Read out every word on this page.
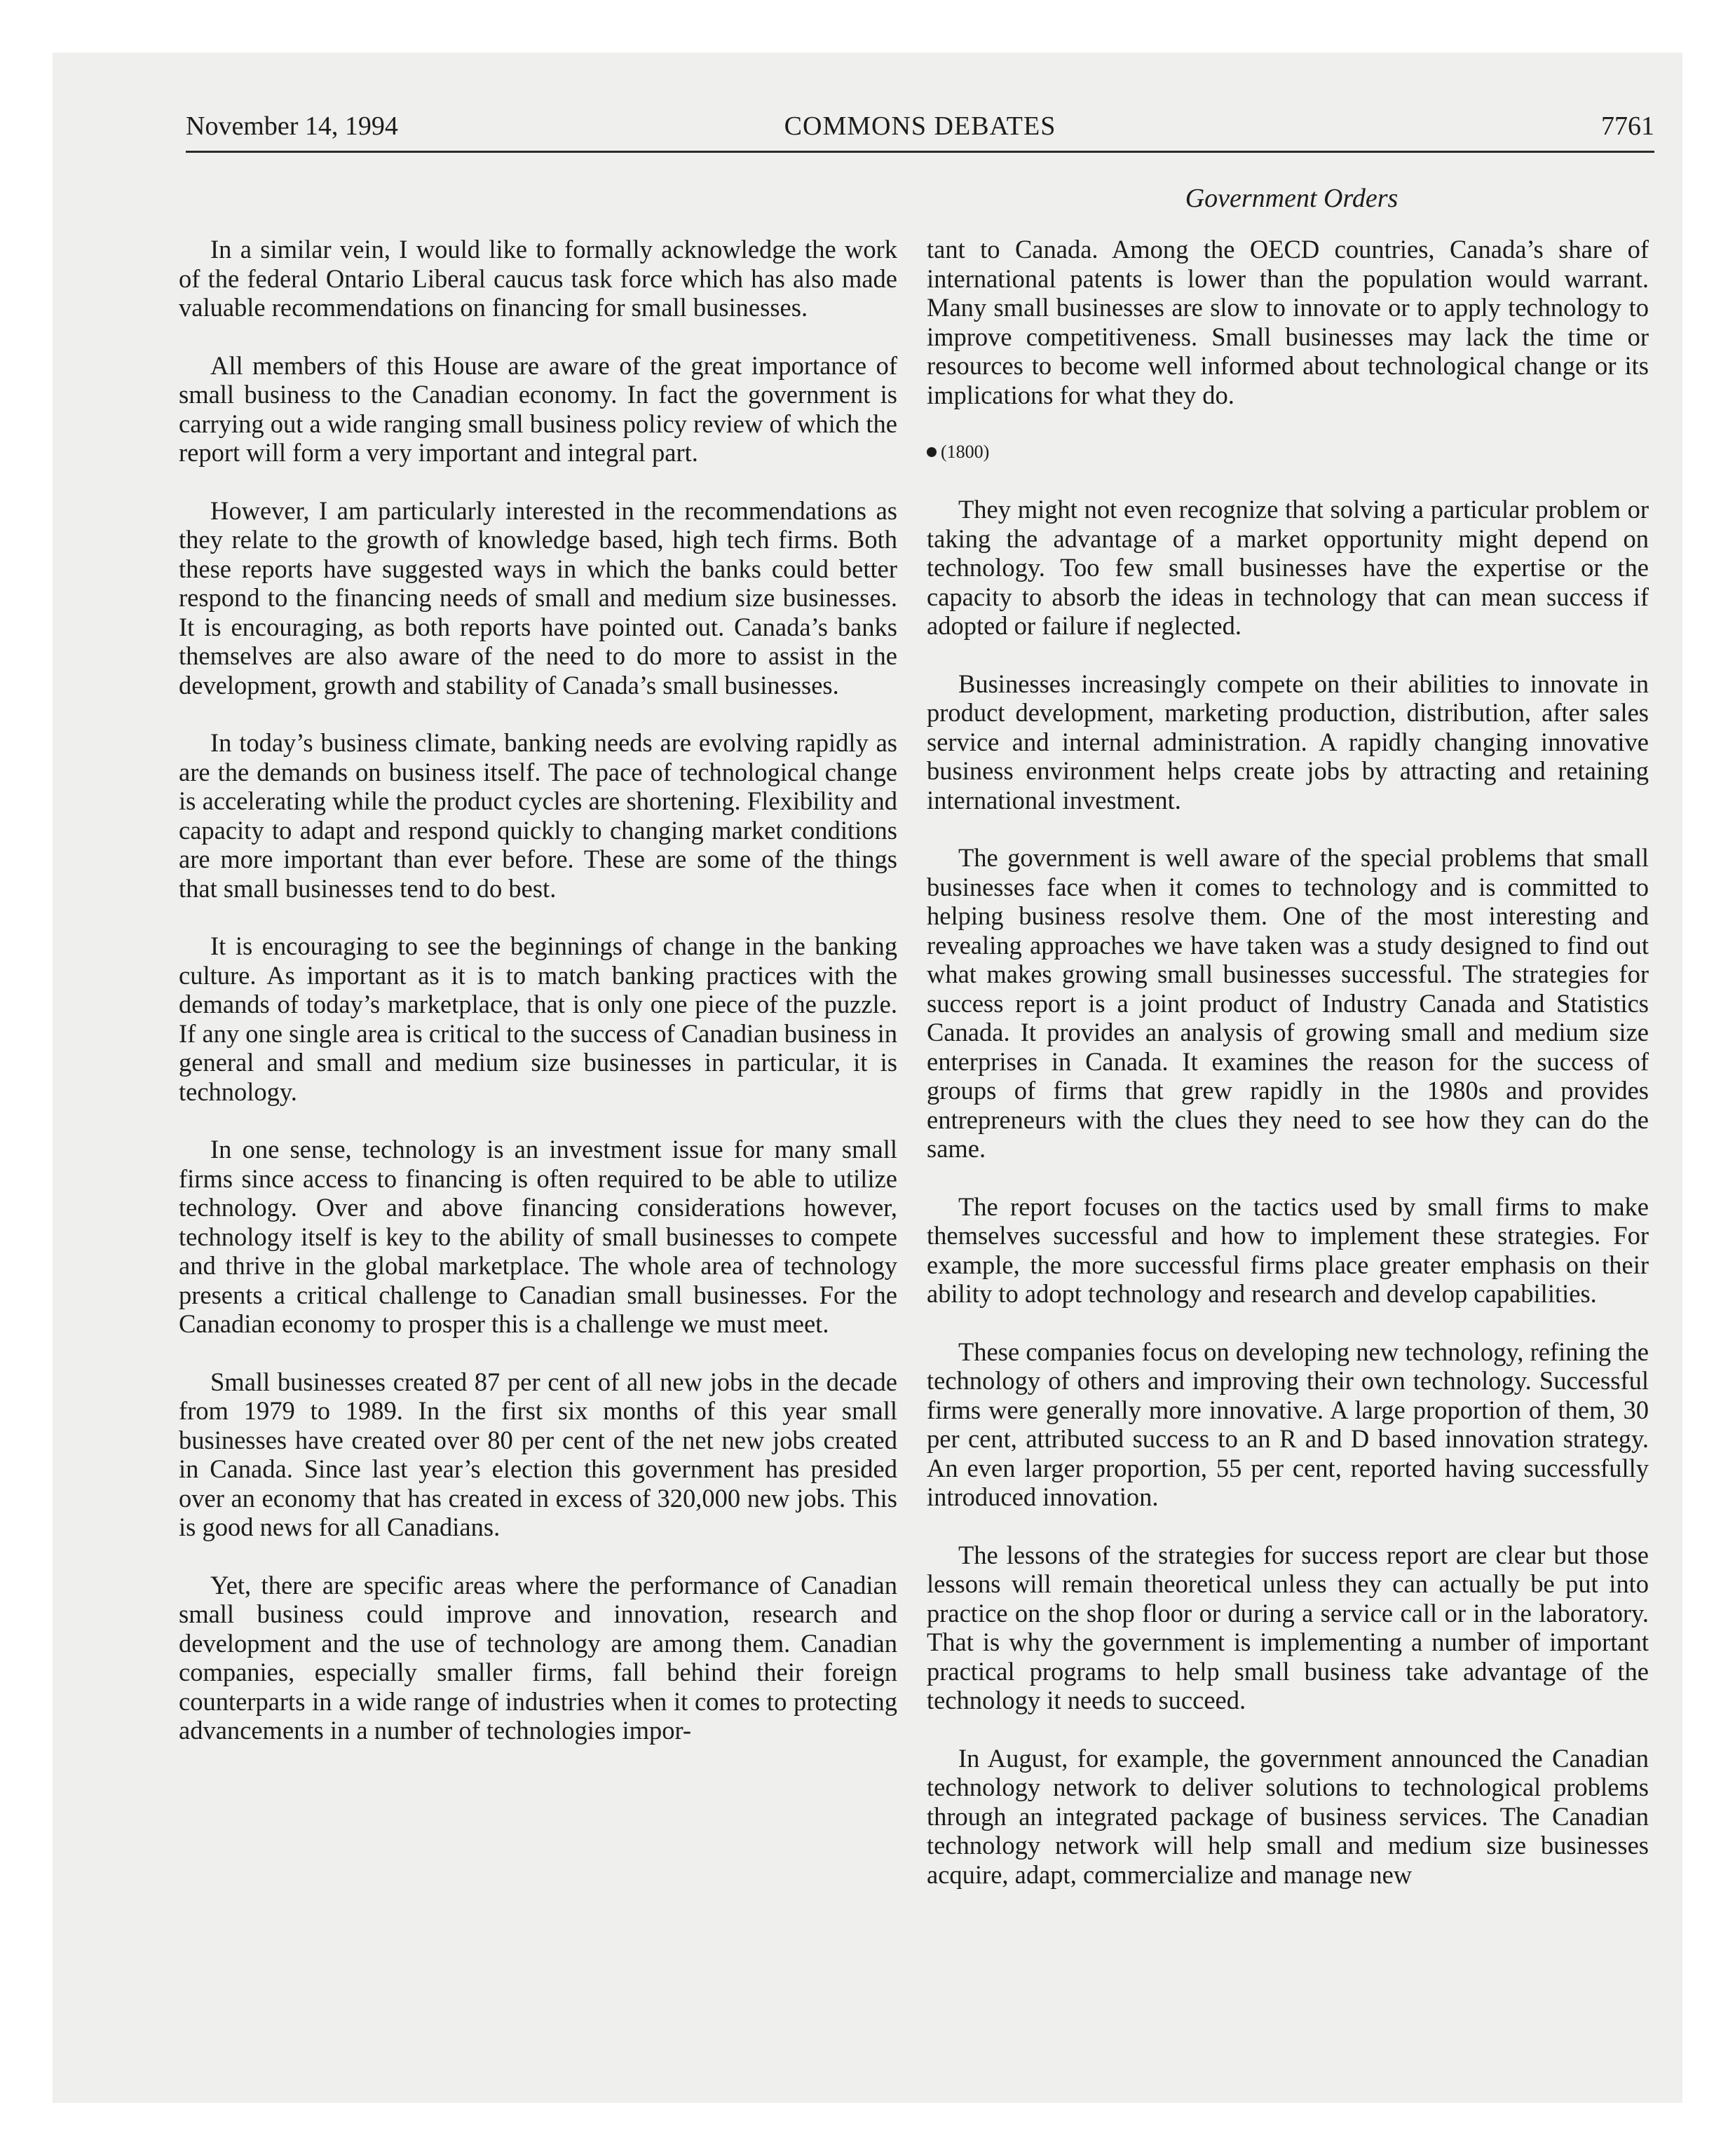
November 14, 1994	COMMONS DEBATES	7761
Government Orders

In a similar vein, I would like to formally acknowledge the work of the federal Ontario Liberal caucus task force which has also made valuable recommendations on financing for small businesses.

All members of this House are aware of the great importance of small business to the Canadian economy. In fact the government is carrying out a wide ranging small business policy review of which the report will form a very important and integral part.

However, I am particularly interested in the recommendations as they relate to the growth of knowledge based, high tech firms. Both these reports have suggested ways in which the banks could better respond to the financing needs of small and medium size businesses. It is encouraging, as both reports have pointed out. Canada’s banks themselves are also aware of the need to do more to assist in the development, growth and stability of Canada’s small businesses.

In today’s business climate, banking needs are evolving rapidly as are the demands on business itself. The pace of technological change is accelerating while the product cycles are shortening. Flexibility and capacity to adapt and respond quickly to changing market conditions are more important than ever before. These are some of the things that small businesses tend to do best.

It is encouraging to see the beginnings of change in the banking culture. As important as it is to match banking practices with the demands of today’s marketplace, that is only one piece of the puzzle. If any one single area is critical to the success of Canadian business in general and small and medium size businesses in particular, it is technology.

In one sense, technology is an investment issue for many small firms since access to financing is often required to be able to utilize technology. Over and above financing considerations however, technology itself is key to the ability of small businesses to compete and thrive in the global marketplace. The whole area of technology presents a critical challenge to Canadian small businesses. For the Canadian economy to prosper this is a challenge we must meet.

Small businesses created 87 per cent of all new jobs in the decade from 1979 to 1989. In the first six months of this year small businesses have created over 80 per cent of the net new jobs created in Canada. Since last year’s election this government has presided over an economy that has created in excess of 320,000 new jobs. This is good news for all Canadians.

Yet, there are specific areas where the performance of Canadian small business could improve and innovation, research and development and the use of technology are among them. Canadian companies, especially smaller firms, fall behind their foreign counterparts in a wide range of industries when it comes to protecting advancements in a number of technologies impor-

tant to Canada. Among the OECD countries, Canada’s share of international patents is lower than the population would warrant. Many small businesses are slow to innovate or to apply technology to improve competitiveness. Small businesses may lack the time or resources to become well informed about technological change or its implications for what they do.

(1800)

They might not even recognize that solving a particular problem or taking the advantage of a market opportunity might depend on technology. Too few small businesses have the expertise or the capacity to absorb the ideas in technology that can mean success if adopted or failure if neglected.

Businesses increasingly compete on their abilities to innovate in product development, marketing production, distribution, after sales service and internal administration. A rapidly changing innovative business environment helps create jobs by attracting and retaining international investment.

The government is well aware of the special problems that small businesses face when it comes to technology and is committed to helping business resolve them. One of the most interesting and revealing approaches we have taken was a study designed to find out what makes growing small businesses successful. The strategies for success report is a joint product of Industry Canada and Statistics Canada. It provides an analysis of growing small and medium size enterprises in Canada. It examines the reason for the success of groups of firms that grew rapidly in the 1980s and provides entrepreneurs with the clues they need to see how they can do the same.

The report focuses on the tactics used by small firms to make themselves successful and how to implement these strategies. For example, the more successful firms place greater emphasis on their ability to adopt technology and research and develop capabilities.

These companies focus on developing new technology, refining the technology of others and improving their own technology. Successful firms were generally more innovative. A large proportion of them, 30 per cent, attributed success to an R and D based innovation strategy. An even larger proportion, 55 per cent, reported having successfully introduced innovation.

The lessons of the strategies for success report are clear but those lessons will remain theoretical unless they can actually be put into practice on the shop floor or during a service call or in the laboratory. That is why the government is implementing a number of important practical programs to help small business take advantage of the technology it needs to succeed.

In August, for example, the government announced the Canadian technology network to deliver solutions to technological problems through an integrated package of business services. The Canadian technology network will help small and medium size businesses acquire, adapt, commercialize and manage new
